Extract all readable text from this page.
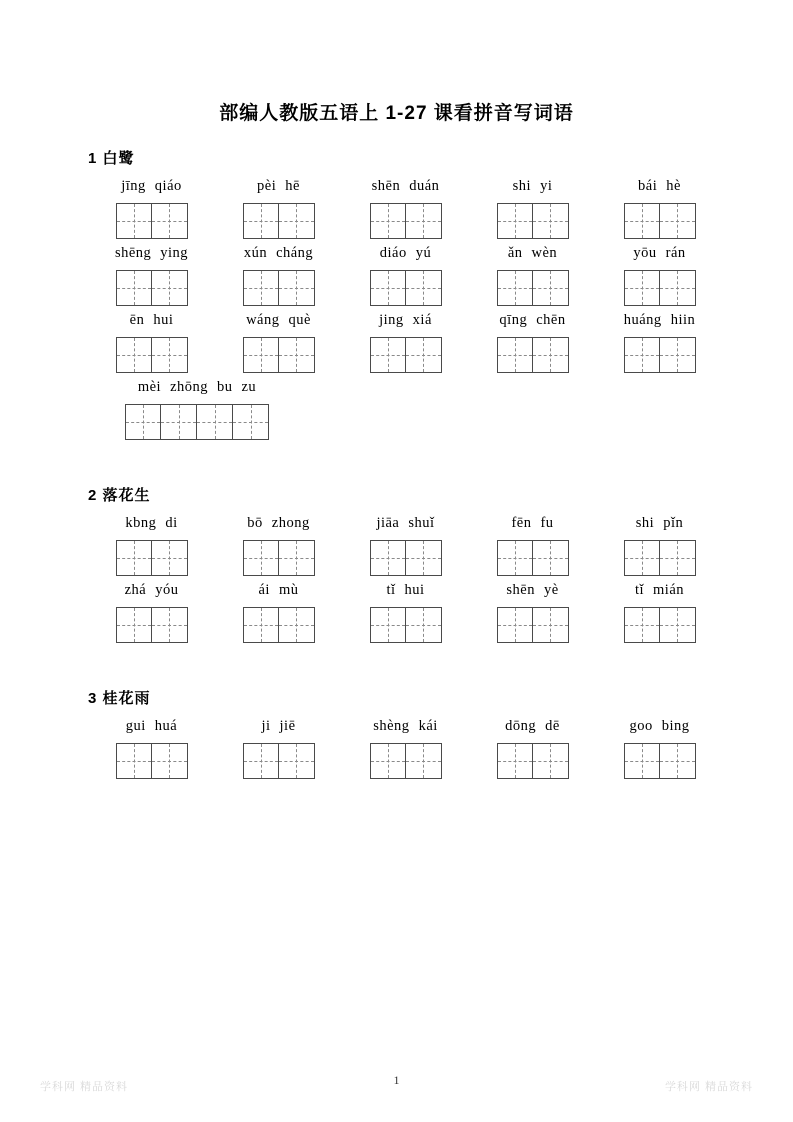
部编人教版五语上 1-27 课看拼音写词语
1 白鹭
jīng qiáo	pèi hē	shēn duán	shi yi	bái hè
shēng ying	xún cháng	diáo yú	ǎn wèn	yōu rán
ēn hui	wáng què	jing xiá	qīng chēn	huáng hiin
mèi zhōng bu zu
2 落花生
kbng di	bō zhong	jiāa shuǐ	fēn fu	shi pǐn
zhá yóu	ái mù	tǐ hui	shēn yè	tǐ mián
3 桂花雨
gui huá	ji jiē	shèng kái	dōng dē	goo bing
1
学科网 精品资料	学科网 精品资料
